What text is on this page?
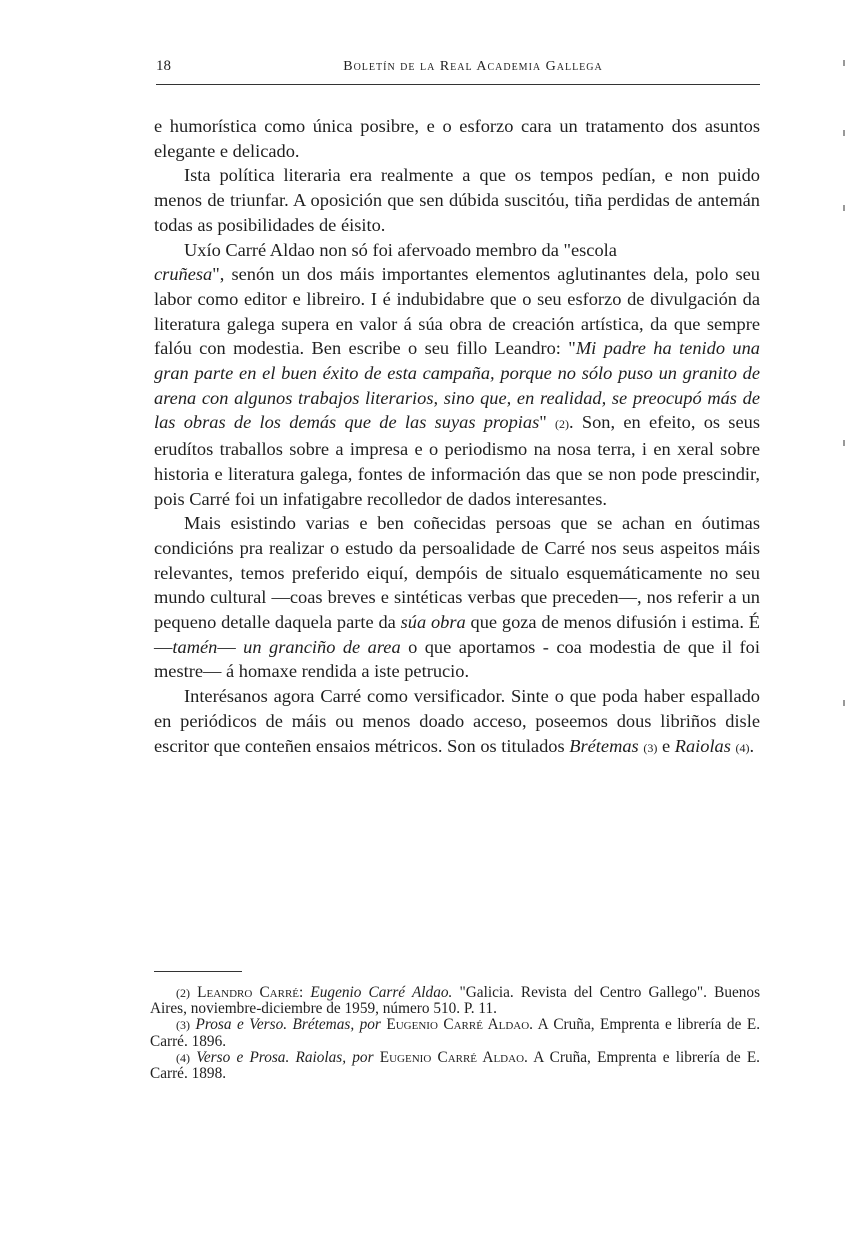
18	Boletín de la Real Academia Gallega

e humorística como única posibre, e o esforzo cara un tratamento dos asuntos elegante e delicado.

Ista política literaria era realmente a que os tempos pedían, e non puido menos de triunfar. A oposición que sen dúbida suscitóu, tiña perdidas de antemán todas as posibilidades de éisito.

Uxío Carré Aldao non só foi afervoado membro da "escola
cruñesa", senón un dos máis importantes elementos aglutinantes dela, polo seu labor como editor e libreiro. I é indubidabre que o seu esforzo de divulgación da literatura galega supera en valor á súa obra de creación artística, da que sempre falóu con modestia. Ben escribe o seu fillo Leandro: "Mi padre ha tenido una gran parte en el buen éxito de esta campaña, porque no sólo puso un granito de arena con algunos trabajos literarios, sino que, en realidad, se preocupó más de las obras de los demás que de las suyas propias" (2). Son, en efeito, os seus erudítos traballos sobre a impresa e o periodismo na nosa terra, i en xeral sobre historia e literatura galega, fontes de información das que se non pode prescindir, pois Carré foi un infatigabre recolledor de dados interesantes.

Mais esistindo varias e ben coñecidas persoas que se achan en óutimas condicións pra realizar o estudo da persoalidade de Carré nos seus aspeitos máis relevantes, temos preferido eiquí, dempóis de situalo esquemáticamente no seu mundo cultural —coas breves e sintéticas verbas que preceden—, nos referir a un pequeno detalle daquela parte da súa obra que goza de menos difusión i estima. É —tamén— un granciño de area o que aportamos - coa modestia de que il foi mestre— á homaxe rendida a iste petrucio.

Interésanos agora Carré como versificador. Sinte o que poda haber espallado en periódicos de máis ou menos doado acceso, poseemos dous libriños disle escritor que conteñen ensaios métricos. Son os titulados Brétemas (3) e Raiolas (4).

(2) Leandro Carré: Eugenio Carré Aldao. "Galicia. Revista del Centro Gallego". Buenos Aires, noviembre-diciembre de 1959, número 510. P. 11.

(3) Prosa e Verso. Brétemas, por Eugenio Carré Aldao. A Cruña, Emprenta e librería de E. Carré. 1896.

(4) Verso e Prosa. Raiolas, por Eugenio Carré Aldao. A Cruña, Emprenta e librería de E. Carré. 1898.
